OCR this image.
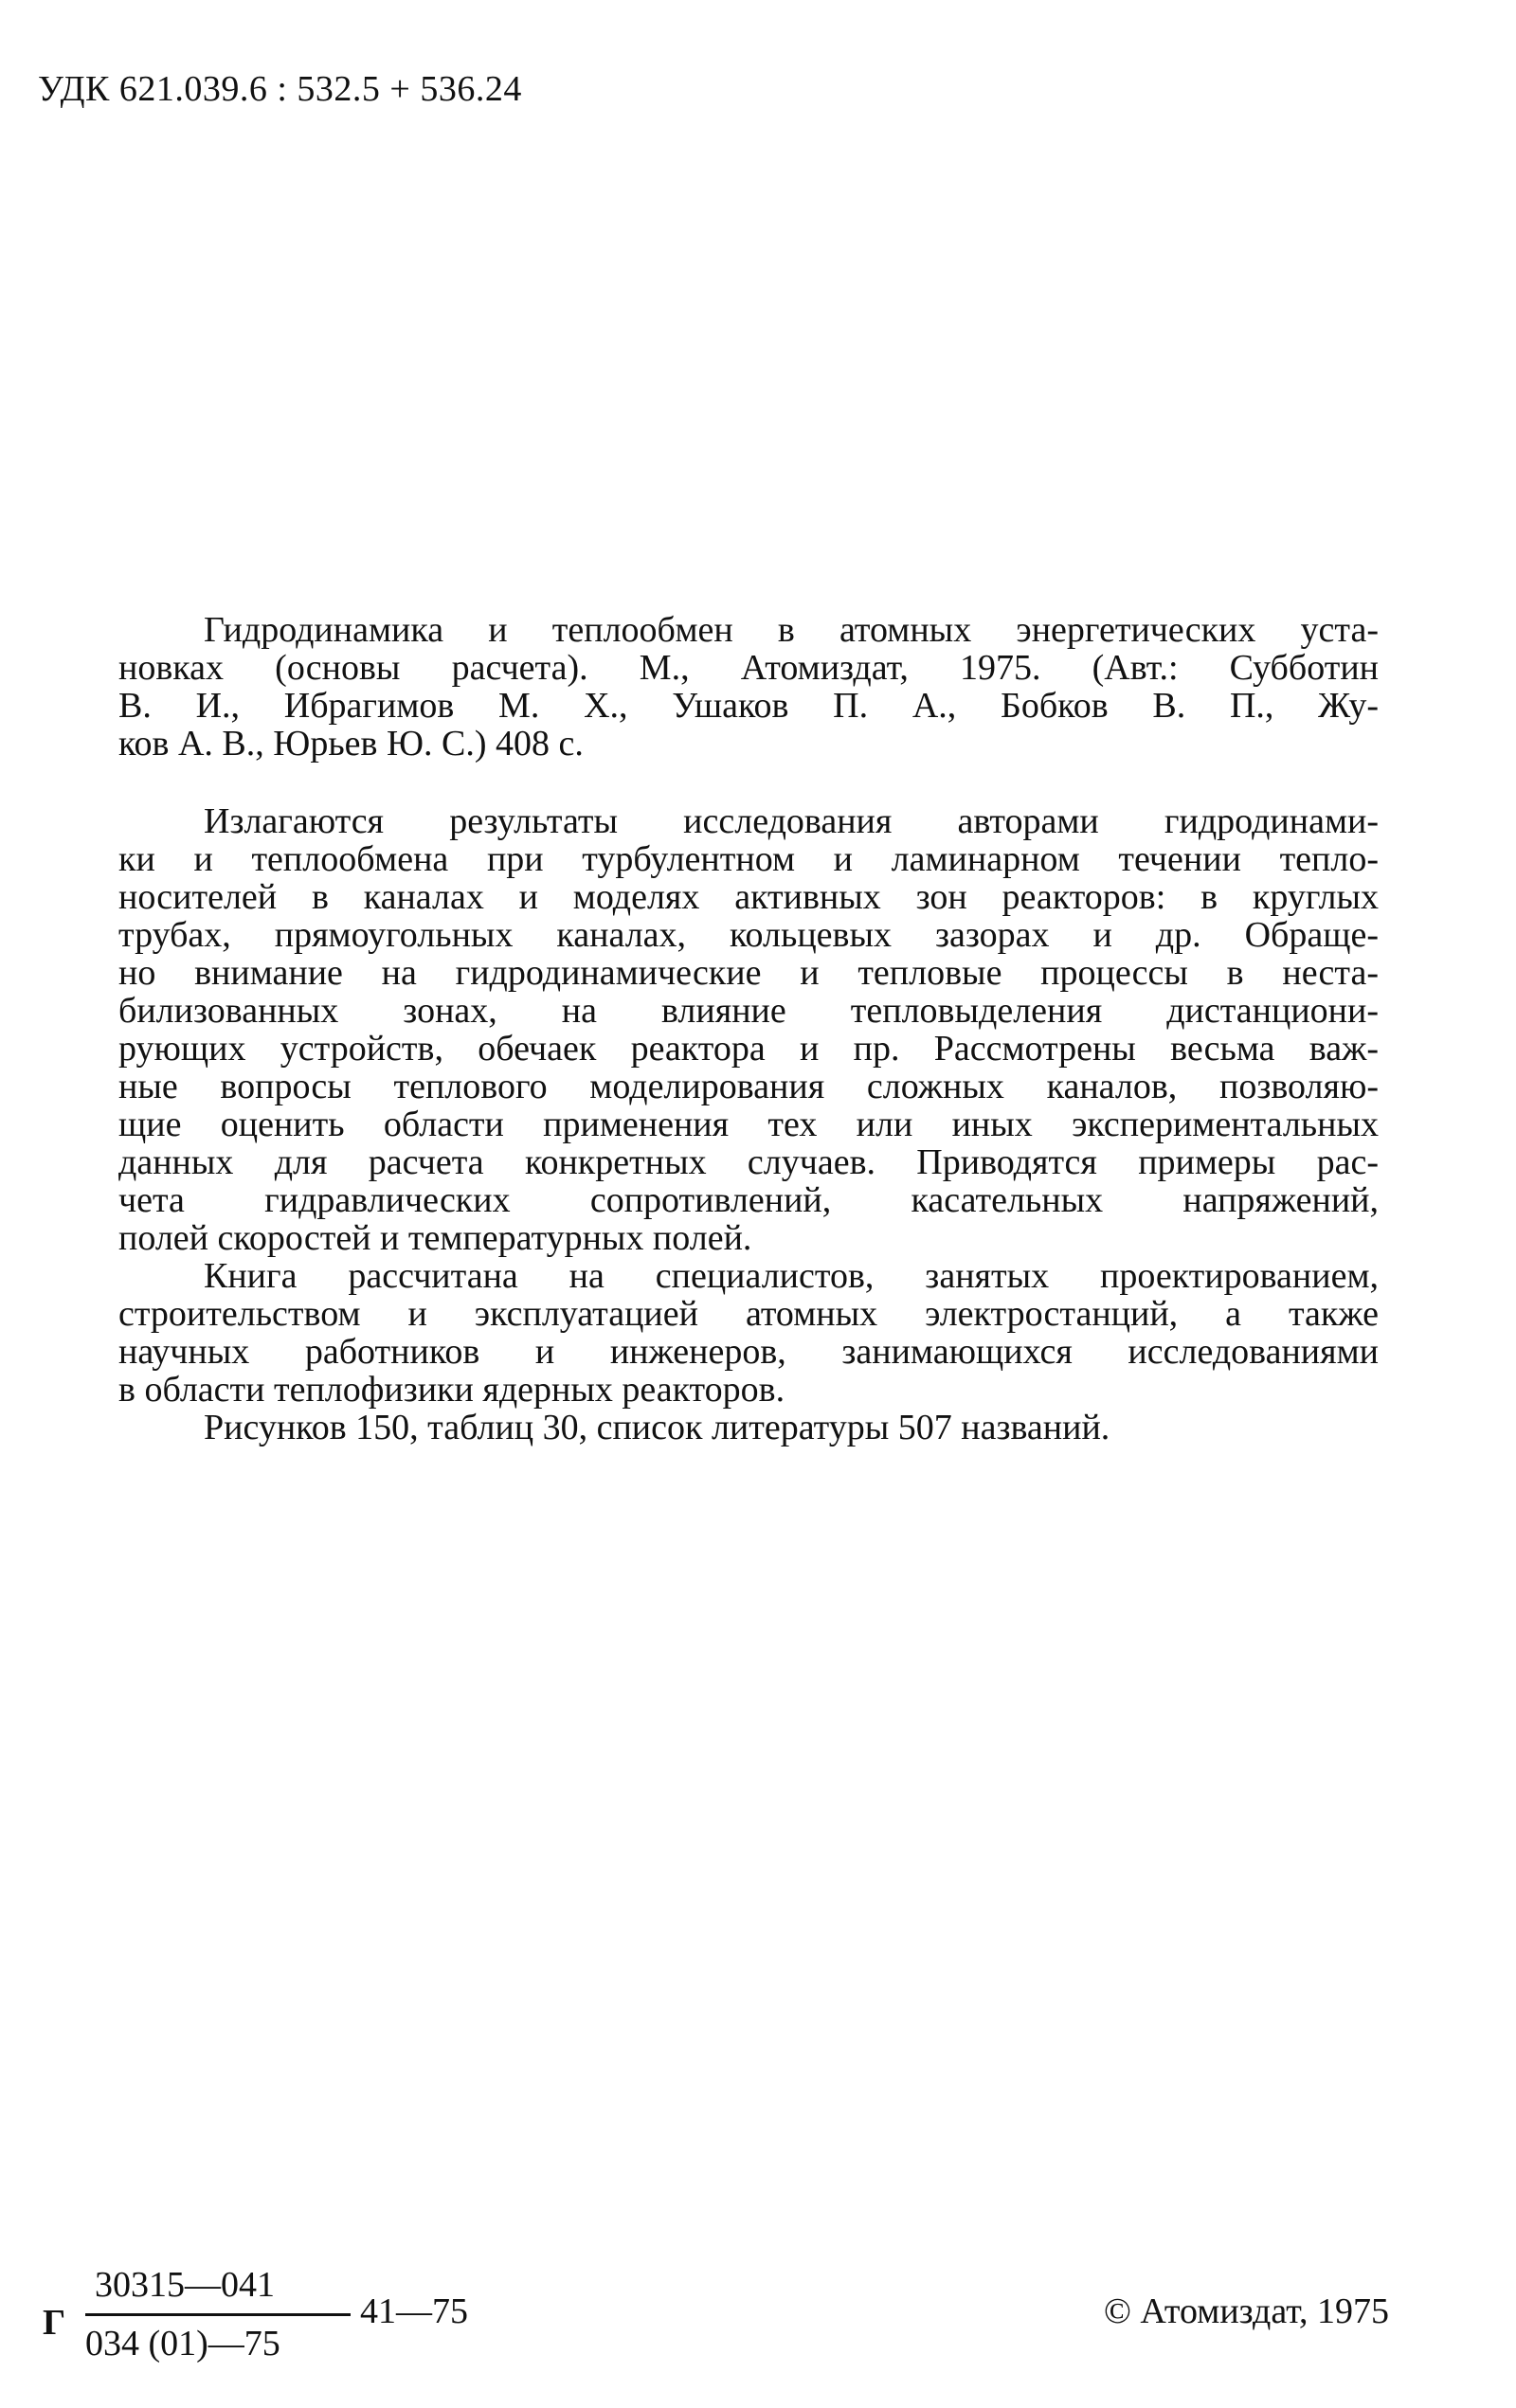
УДК 621.039.6 : 532.5 + 536.24
Гидродинамика и теплообмен в атомных энергетических уста-
новках (основы расчета). М., Атомиздат, 1975. (Авт.: Субботин
В. И., Ибрагимов М. Х., Ушаков П. А., Бобков В. П., Жу-
ков А. В., Юрьев Ю. С.) 408 с.
Излагаются результаты исследования авторами гидродинами-
ки и теплообмена при турбулентном и ламинарном течении тепло-
носителей в каналах и моделях активных зон реакторов: в круглых
трубах, прямоугольных каналах, кольцевых зазорах и др. Обраще-
но внимание на гидродинамические и тепловые процессы в неста-
билизованных зонах, на влияние тепловыделения дистанциони-
рующих устройств, обечаек реактора и пр. Рассмотрены весьма важ-
ные вопросы теплового моделирования сложных каналов, позволяю-
щие оценить области применения тех или иных экспериментальных
данных для расчета конкретных случаев. Приводятся примеры рас-
чета гидравлических сопротивлений, касательных напряжений,
полей скоростей и температурных полей.
Книга рассчитана на специалистов, занятых проектированием,
строительством и эксплуатацией атомных электростанций, а также
научных работников и инженеров, занимающихся исследованиями
в области теплофизики ядерных реакторов.
Рисунков 150, таблиц 30, список литературы 507 названий.
Г
30315—041
034 (01)—75
41—75	© Атомиздат, 1975
